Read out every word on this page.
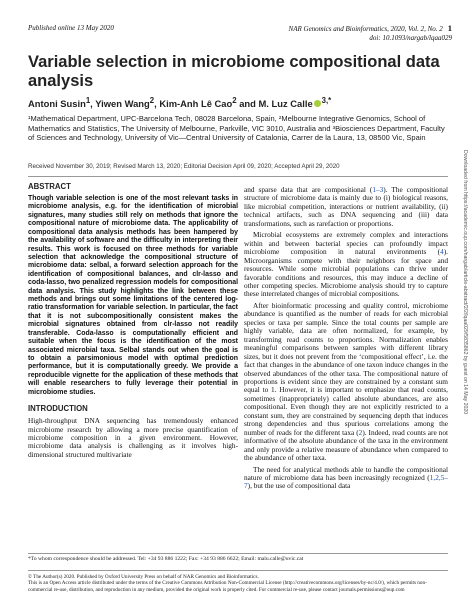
Published online 13 May 2020	NAR Genomics and Bioinformatics, 2020, Vol. 2, No. 2 1
doi: 10.1093/nargab/lqaa029
Variable selection in microbiome compositional data analysis
Antoni Susin$^1$, Yiwen Wang$^2$, Kim-Anh Lê Cao$^2$ and M. Luz Calle $^{3,*}$
¹Mathematical Department, UPC-Barcelona Tech, 08028 Barcelona, Spain, ²Melbourne Integrative Genomics, School of Mathematics and Statistics, The University of Melbourne, Parkville, VIC 3010, Australia and ³Biosciences Department, Faculty of Sciences and Technology, University of Vic—Central University of Catalonia, Carrer de la Laura, 13, 08500 Vic, Spain
Received November 30, 2019; Revised March 13, 2020; Editorial Decision April 09, 2020; Accepted April 29, 2020
ABSTRACT
Though variable selection is one of the most relevant tasks in microbiome analysis, e.g. for the identification of microbial signatures, many studies still rely on methods that ignore the compositional nature of microbiome data. The applicability of compositional data analysis methods has been hampered by the availability of software and the difficulty in interpreting their results. This work is focused on three methods for variable selection that acknowledge the compositional structure of microbiome data: selbal, a forward selection approach for the identification of compositional balances, and clr-lasso and coda-lasso, two penalized regression models for compositional data analysis. This study highlights the link between these methods and brings out some limitations of the centered log-ratio transformation for variable selection. In particular, the fact that it is not subcompositionally consistent makes the microbial signatures obtained from clr-lasso not readily transferable. Coda-lasso is computationally efficient and suitable when the focus is the identification of the most associated microbial taxa. Selbal stands out when the goal is to obtain a parsimonious model with optimal prediction performance, but it is computationally greedy. We provide a reproducible vignette for the application of these methods that will enable researchers to fully leverage their potential in microbiome studies.
INTRODUCTION
High-throughput DNA sequencing has tremendously enhanced microbiome research by allowing a more precise quantification of microbiome composition in a given environment. However, microbiome data analysis is challenging as it involves high-dimensional structured multivariate

and sparse data that are compositional (1–3). The compositional structure of microbiome data is mainly due to (i) biological reasons, like microbial competition, interactions or nutrient availability, (ii) technical artifacts, such as DNA sequencing and (iii) data transformations, such as rarefaction or proportions.

Microbial ecosystems are extremely complex and interactions within and between bacterial species can profoundly impact microbiome composition in natural environments (4). Microorganisms compete with their neighbors for space and resources. While some microbial populations can thrive under favorable conditions and resources, this may induce a decline of other competing species. Microbiome analysis should try to capture these interrelated changes of microbial compositions.

After bioinformatic processing and quality control, microbiome abundance is quantified as the number of reads for each microbial species or taxa per sample. Since the total counts per sample are highly variable, data are often normalized, for example, by transforming read counts to proportions. Normalization enables meaningful comparisons between samples with different library sizes, but it does not prevent from the ‘compositional effect’, i.e. the fact that changes in the abundance of one taxon induce changes in the observed abundances of the other taxa. The compositional nature of proportions is evident since they are constrained by a constant sum equal to 1. However, it is important to emphasize that read counts, sometimes (inappropriately) called absolute abundances, are also compositional. Even though they are not explicitly restricted to a constant sum, they are constrained by sequencing depth that induces strong dependencies and thus spurious correlations among the number of reads for the different taxa (2). Indeed, read counts are not informative of the absolute abundance of the taxa in the environment and only provide a relative measure of abundance when compared to the abundance of other taxa.

The need for analytical methods able to handle the compositional nature of microbiome data has been increasingly recognized (1,2,5–7), but the use of compositional data

Downloaded from https://academic.oup.com/nargab/article-abstract/2/2/lqaa029/5835862 by guest on 14 May 2020
*To whom correspondence should be addressed. Tel: +34 93 886 1222; Fax: +34 93 886 6622; Email: malu.calle@uvic.cat
© The Author(s) 2020. Published by Oxford University Press on behalf of NAR Genomics and Bioinformatics.
This is an Open Access article distributed under the terms of the Creative Commons Attribution Non-Commercial License (http://creativecommons.org/licenses/by-nc/4.0/), which permits non-commercial re-use, distribution, and reproduction in any medium, provided the original work is properly cited. For commercial re-use, please contact journals.permissions@oup.com
